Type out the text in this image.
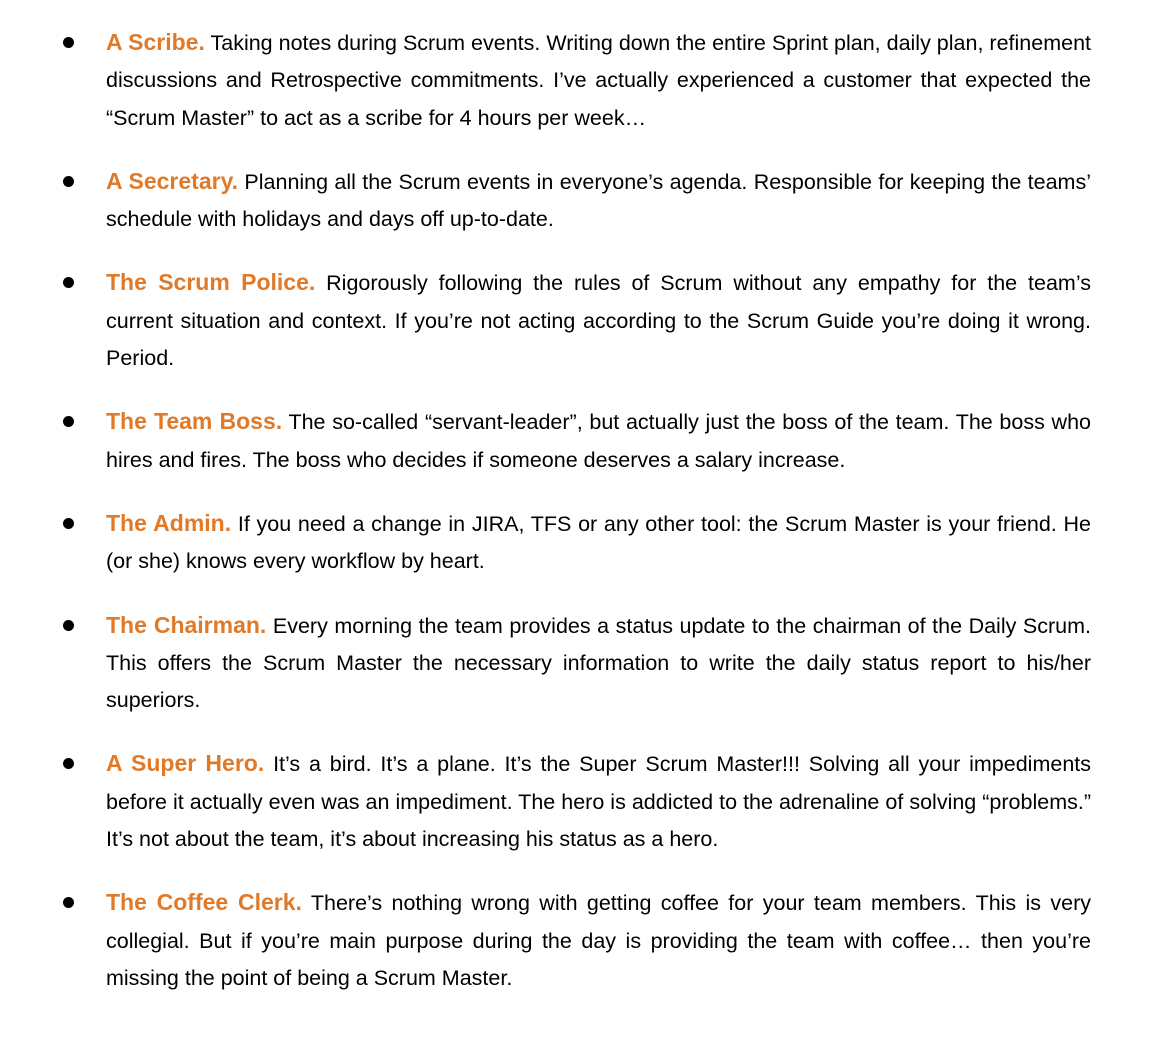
A Scribe. Taking notes during Scrum events. Writing down the entire Sprint plan, daily plan, refinement discussions and Retrospective commitments. I’ve actually experienced a customer that expected the “Scrum Master” to act as a scribe for 4 hours per week…
A Secretary. Planning all the Scrum events in everyone’s agenda. Responsible for keeping the teams’ schedule with holidays and days off up-to-date.
The Scrum Police. Rigorously following the rules of Scrum without any empathy for the team’s current situation and context. If you’re not acting according to the Scrum Guide you’re doing it wrong. Period.
The Team Boss. The so-called “servant-leader”, but actually just the boss of the team. The boss who hires and fires. The boss who decides if someone deserves a salary increase.
The Admin. If you need a change in JIRA, TFS or any other tool: the Scrum Master is your friend. He (or she) knows every workflow by heart.
The Chairman. Every morning the team provides a status update to the chairman of the Daily Scrum. This offers the Scrum Master the necessary information to write the daily status report to his/her superiors.
A Super Hero. It’s a bird. It’s a plane. It’s the Super Scrum Master!!! Solving all your impediments before it actually even was an impediment. The hero is addicted to the adrenaline of solving “problems.” It’s not about the team, it’s about increasing his status as a hero.
The Coffee Clerk. There’s nothing wrong with getting coffee for your team members. This is very collegial. But if you’re main purpose during the day is providing the team with coffee… then you’re missing the point of being a Scrum Master.
